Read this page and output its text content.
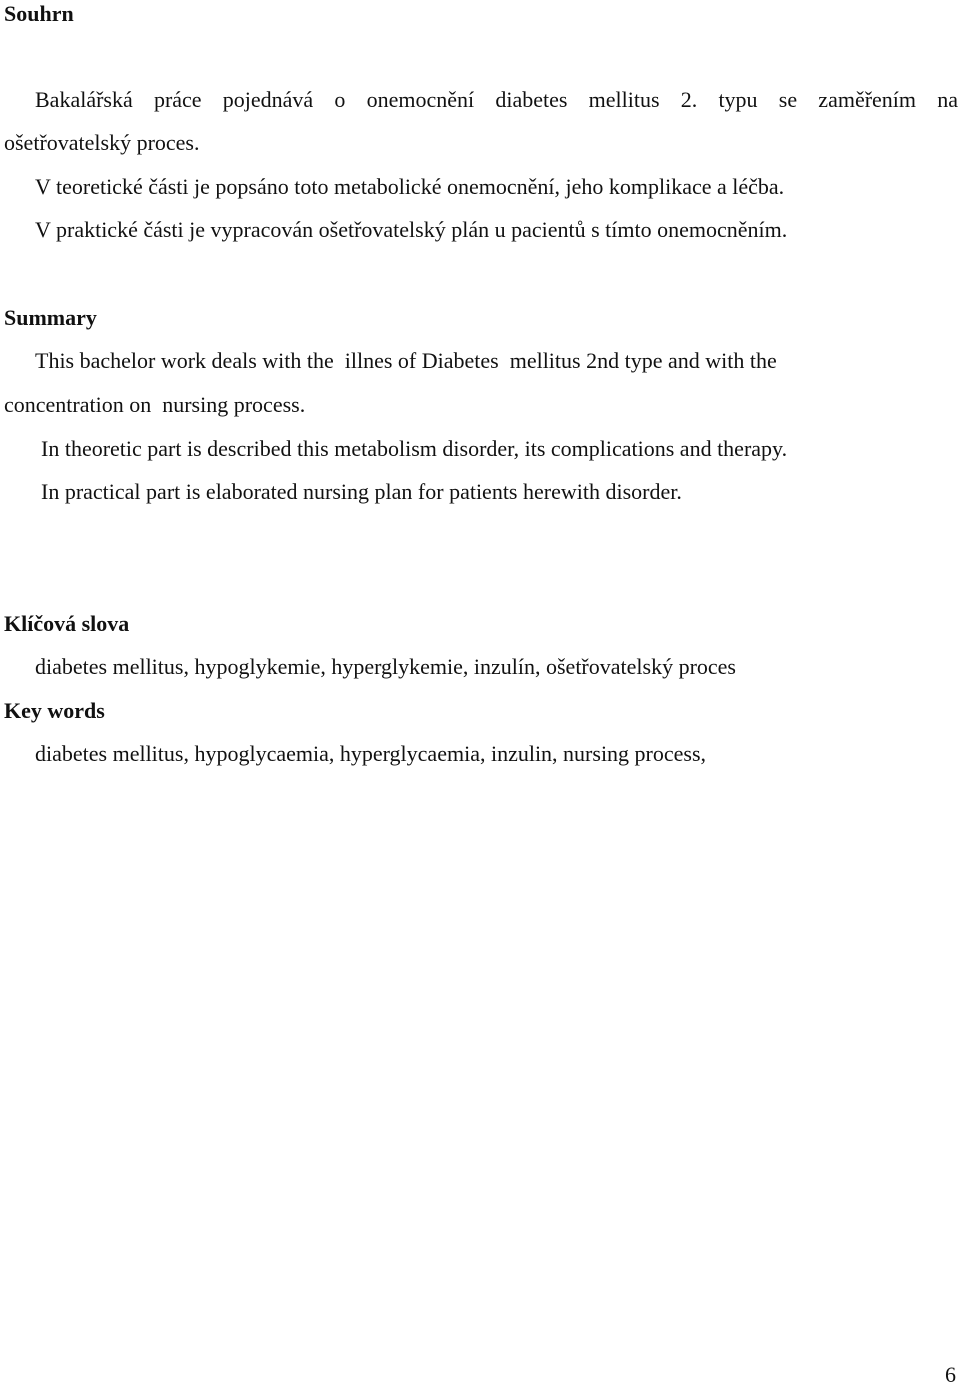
Souhrn
Bakalářská práce pojednává o onemocnění diabetes mellitus 2. typu se zaměřením na
ošetřovatelský proces.
V teoretické části je popsáno toto metabolické onemocnění, jeho komplikace a léčba.
V praktické části je vypracován ošetřovatelský plán u pacientů s tímto onemocněním.
Summary
This bachelor work deals with the  illnes of Diabetes  mellitus 2nd type and with the
concentration on  nursing process.
In theoretic part is described this metabolism disorder, its complications and therapy.
In practical part is elaborated nursing plan for patients herewith disorder.
Klíčová slova
diabetes mellitus, hypoglykemie, hyperglykemie, inzulín, ošetřovatelský proces
Key words
diabetes mellitus, hypoglycaemia, hyperglycaemia, inzulin, nursing process,
6
